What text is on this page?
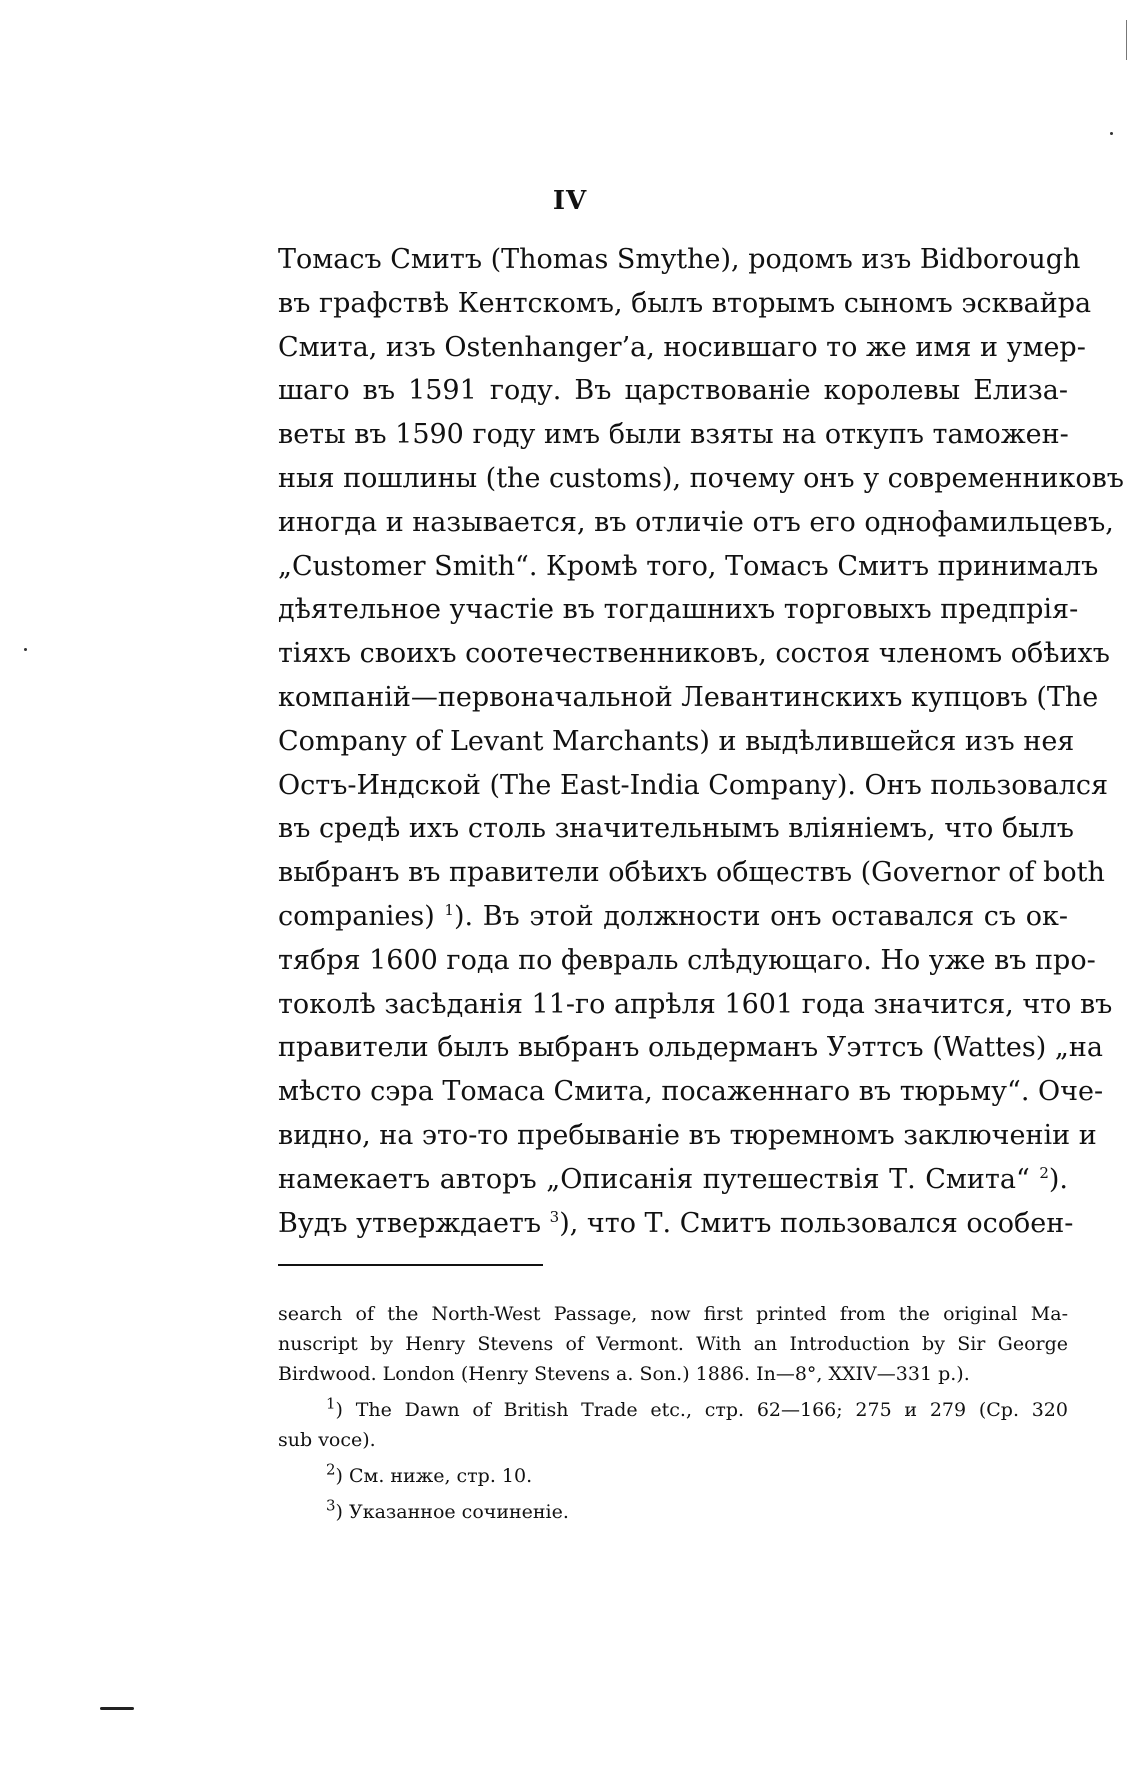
IV
Томасъ Смитъ (Thomas Smythe), родомъ изъ Bidborough
въ графствѣ Кентскомъ, былъ вторымъ сыномъ эсквайра
Смита, изъ Ostenhanger’a, носившаго то же имя и умер-
шаго въ 1591 году. Въ царствованіе королевы Елиза-
веты въ 1590 году имъ были взяты на откупъ таможен-
ныя пошлины (the customs), почему онъ у современниковъ
иногда и называется, въ отличіе отъ его однофамильцевъ,
„Customer Smith“. Кромѣ того, Томасъ Смитъ принималъ
дѣятельное участіе въ тогдашнихъ торговыхъ предпрія-
тіяхъ своихъ соотечественниковъ, состоя членомъ обѣихъ
компаній—первоначальной Левантинскихъ купцовъ (The
Company of Levant Marchants) и выдѣлившейся изъ нея
Остъ-Индской (The East-India Company). Онъ пользовался
въ средѣ ихъ столь значительнымъ вліяніемъ, что былъ
выбранъ въ правители обѣихъ обществъ (Governor of both
companies) $^1$). Въ этой должности онъ оставался съ ок-
тября 1600 года по февраль слѣдующаго. Но уже въ про-
токолѣ засѣданія 11-го апрѣля 1601 года значится, что въ
правители былъ выбранъ ольдерманъ Уэттсъ (Wattes) „на
мѣсто сэра Томаса Смита, посаженнаго въ тюрьму“. Оче-
видно, на это-то пребываніе въ тюремномъ заключеніи и
намекаетъ авторъ „Описанія путешествія Т. Смита“ $^2$).
Вудъ утверждаетъ $^3$), что Т. Смитъ пользовался особен-
search of the North-West Passage, now first printed from the original Ma-
nuscript by Henry Stevens of Vermont. With an Introduction by Sir George
Birdwood. London (Henry Stevens a. Son.) 1886. In—8°, XXIV—331 p.).
$^1$) The Dawn of British Trade etc., стр. 62—166; 275 и 279 (Ср. 320
sub voce).
$^2$) См. ниже, стр. 10.
$^3$) Указанное сочиненіе.
